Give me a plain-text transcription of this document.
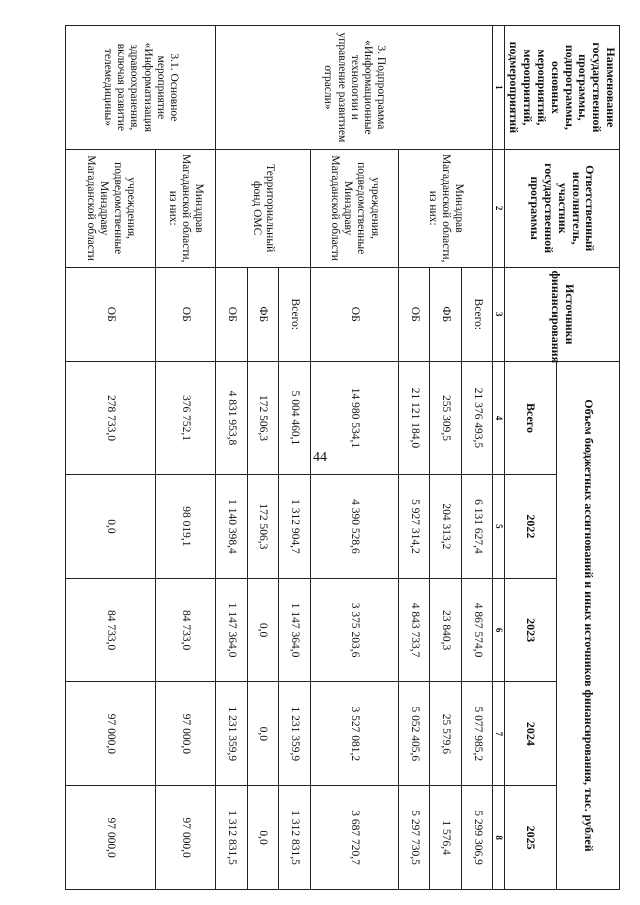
44
Наименование государственной программы, подпрограммы, основных мероприятий, мероприятий, подмероприятий	Ответственный исполнитель, участник государственной программы	Источники финансирования	Объем бюджетных ассигнований и иных источников финансирования, тыс. рублей				
			Всего	2022	2023	2024	2025
1	2	3	4	5	6	7	8
3. Подпрограмма «Информационные технологии и управление развитием отрасли»	Минздрав Магаданской области, из них:	Всего:	21 376 493,5	6 131 627,4	4 867 574,0	5 077 985,2	5 299 306,9
		ФБ	255 309,5	204 313,2	23 840,3	25 579,6	1 576,4
		ОБ	21 121 184,0	5 927 314,2	4 843 733,7	5 052 405,6	5 297 730,5
	учреждения, подведомственные Минздраву Магаданской области	ОБ	14 980 534,1	4 390 528,6	3 375 203,6	3 527 081,2	3 687 720,7
	Территориальный фонд ОМС	Всего:	5 004 460,1	1 312 904,7	1 147 364,0	1 231 359,9	1 312 831,5
		ФБ	172 506,3	172 506,3	0,0	0,0	0,0
		ОБ	4 831 953,8	1 140 398,4	1 147 364,0	1 231 359,9	1 312 831,5
3.1. Основное мероприятие «Информатизация здравоохранения, включая развитие телемедицины»	Минздрав Магаданской области, из них:	ОБ	376 752,1	98 019,1	84 733,0	97 000,0	97 000,0
	учреждения, подведомственные Минздраву Магаданской области	ОБ	278 733,0	0,0	84 733,0	97 000,0	97 000,0
